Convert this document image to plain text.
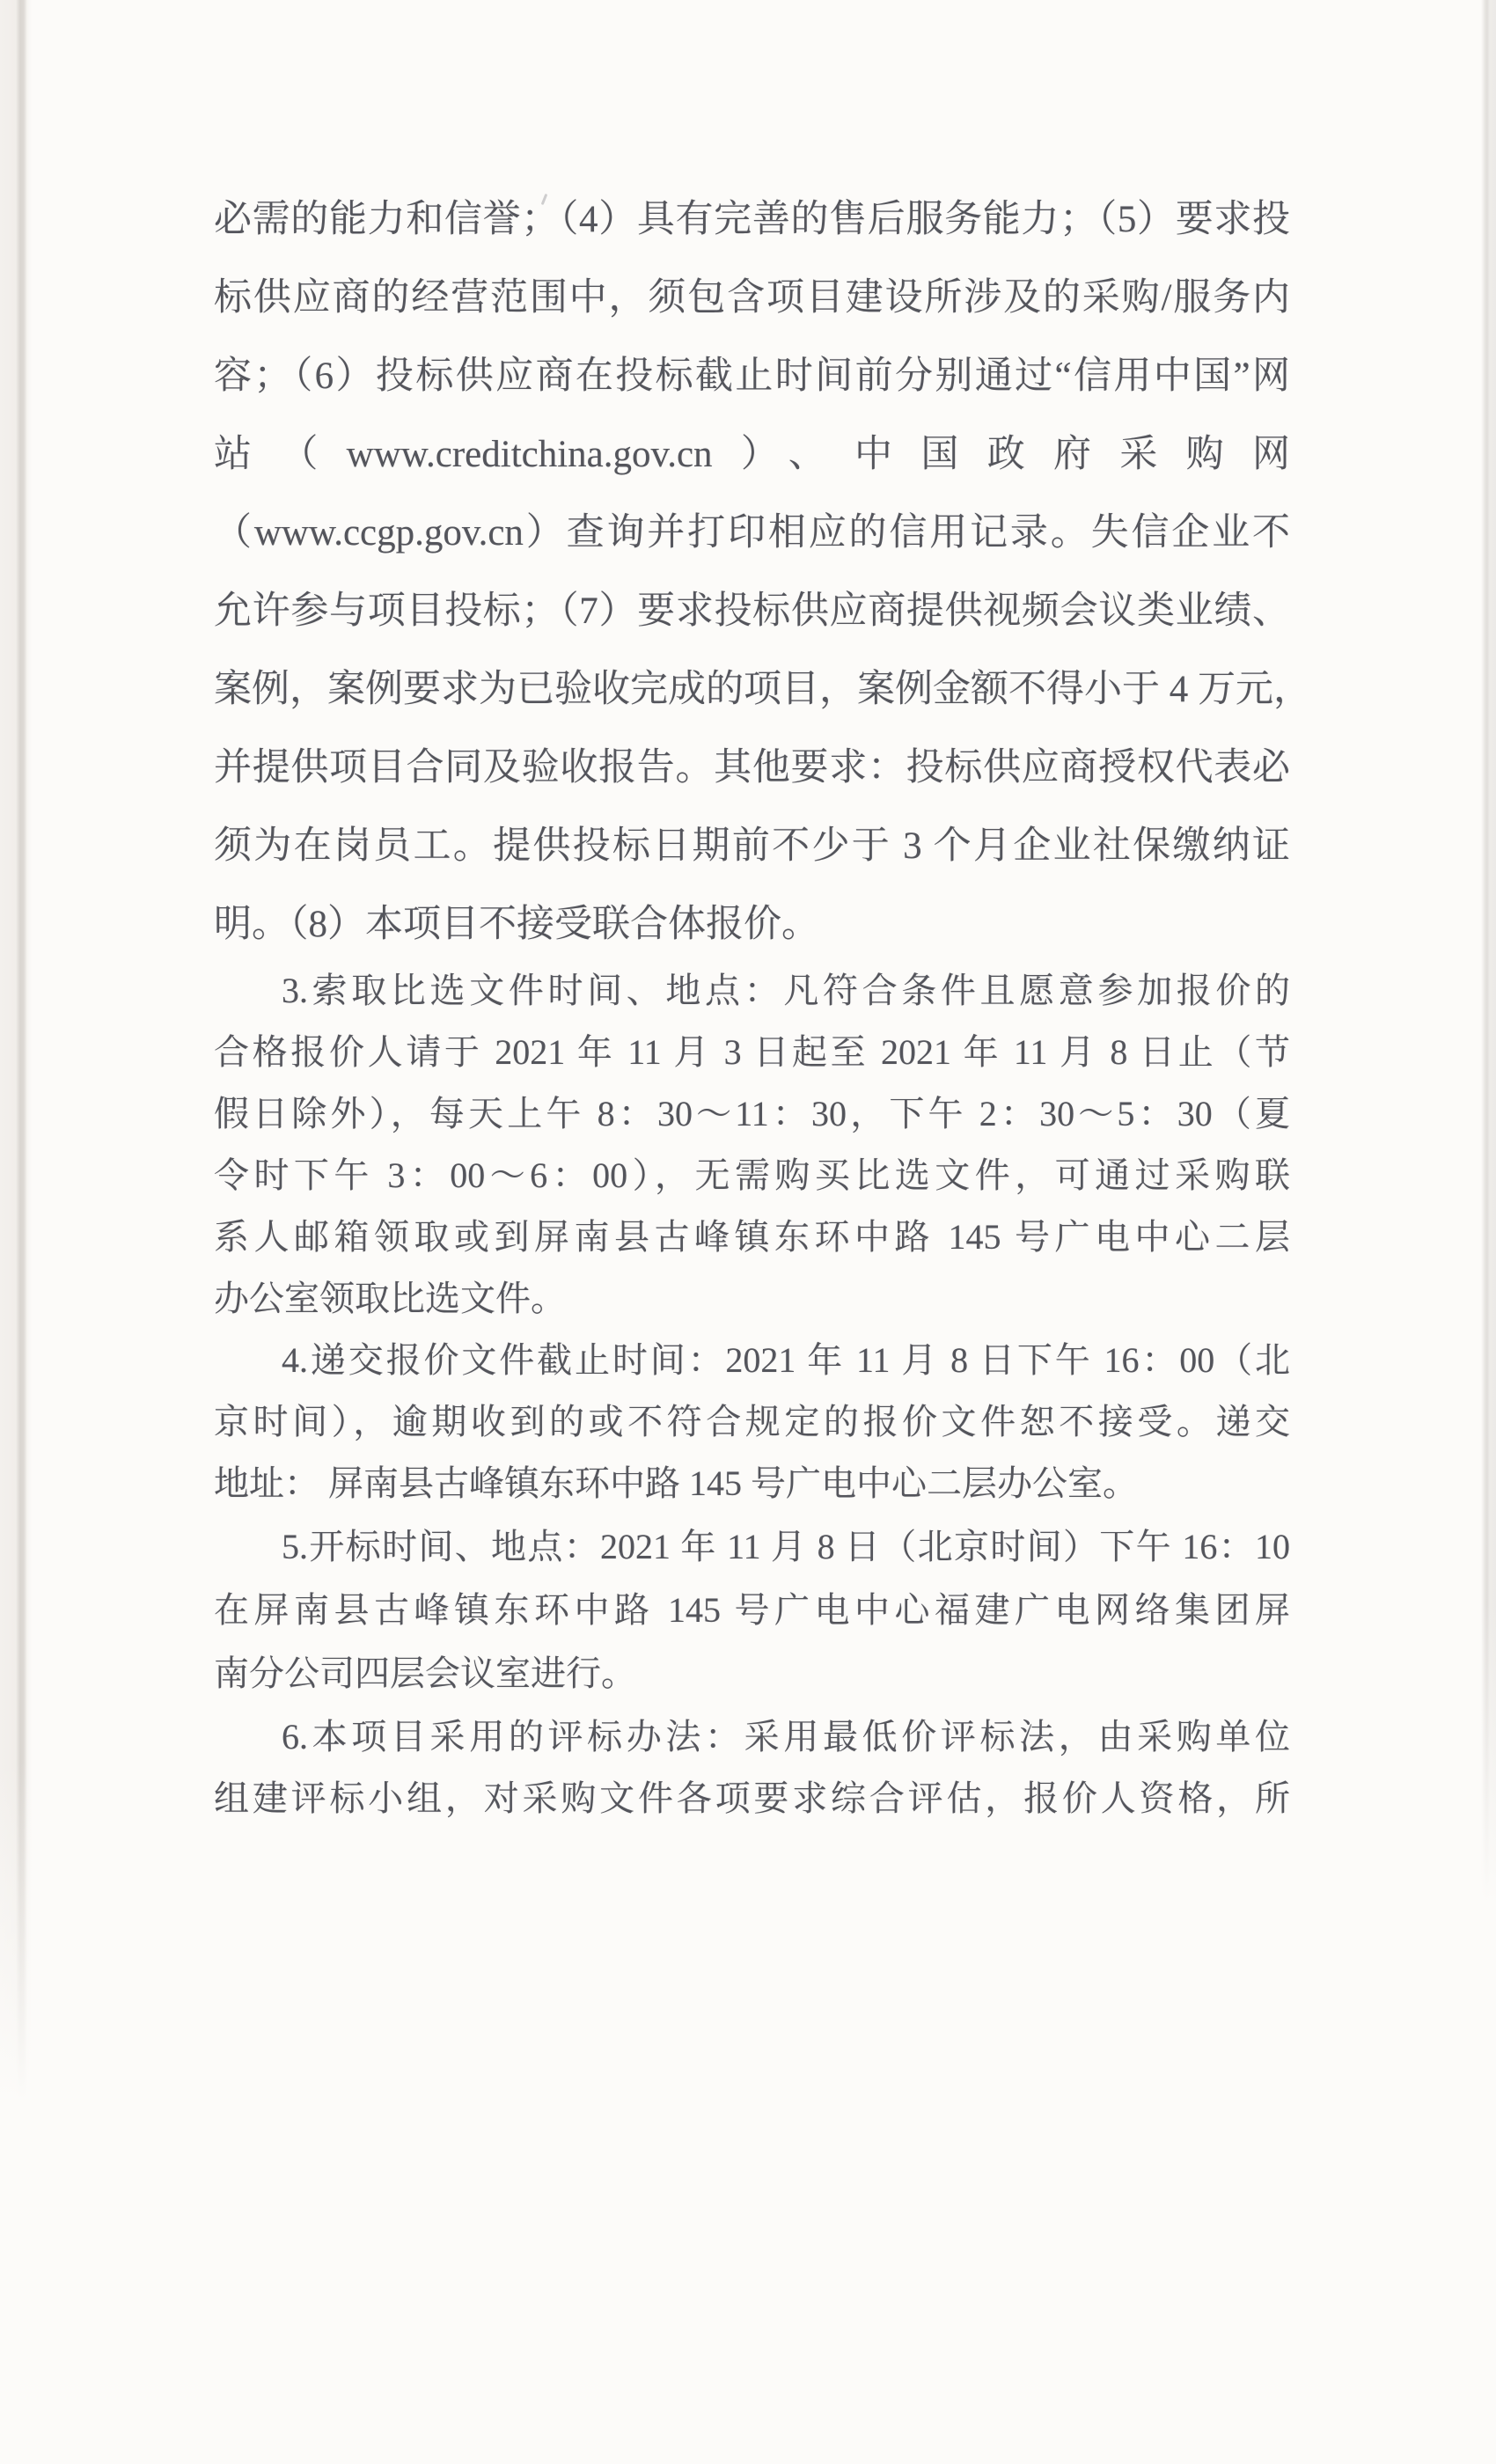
必需的能力和信誉；（4）具有完善的售后服务能力；（5）要求投
标供应商的经营范围中，须包含项目建设所涉及的采购/服务内
容；（6）投标供应商在投标截止时间前分别通过“信用中国”网
站（www.creditchina.gov.cn）、中国政府采购网
（www.ccgp.gov.cn）查询并打印相应的信用记录。失信企业不
允许参与项目投标；（7）要求投标供应商提供视频会议类业绩、
案例，案例要求为已验收完成的项目，案例金额不得小于 4 万元，
并提供项目合同及验收报告。其他要求：投标供应商授权代表必
须为在岗员工。提供投标日期前不少于 3 个月企业社保缴纳证
明。（8）本项目不接受联合体报价。
3.索取比选文件时间、地点：凡符合条件且愿意参加报价的
合格报价人请于 2021 年 11 月 3 日起至 2021 年 11 月 8 日止（节
假日除外），每天上午 8：30～11：30，下午 2：30～5：30（夏
令时下午 3：00～6：00），无需购买比选文件，可通过采购联
系人邮箱领取或到屏南县古峰镇东环中路 145 号广电中心二层
办公室领取比选文件。
4.递交报价文件截止时间：2021 年 11 月 8 日下午 16：00（北
京时间），逾期收到的或不符合规定的报价文件恕不接受。递交
地址： 屏南县古峰镇东环中路 145 号广电中心二层办公室。
5.开标时间、地点：2021 年 11 月 8 日（北京时间）下午 16：10
在屏南县古峰镇东环中路 145 号广电中心福建广电网络集团屏
南分公司四层会议室进行。
6.本项目采用的评标办法：采用最低价评标法，由采购单位
组建评标小组，对采购文件各项要求综合评估，报价人资格，所
